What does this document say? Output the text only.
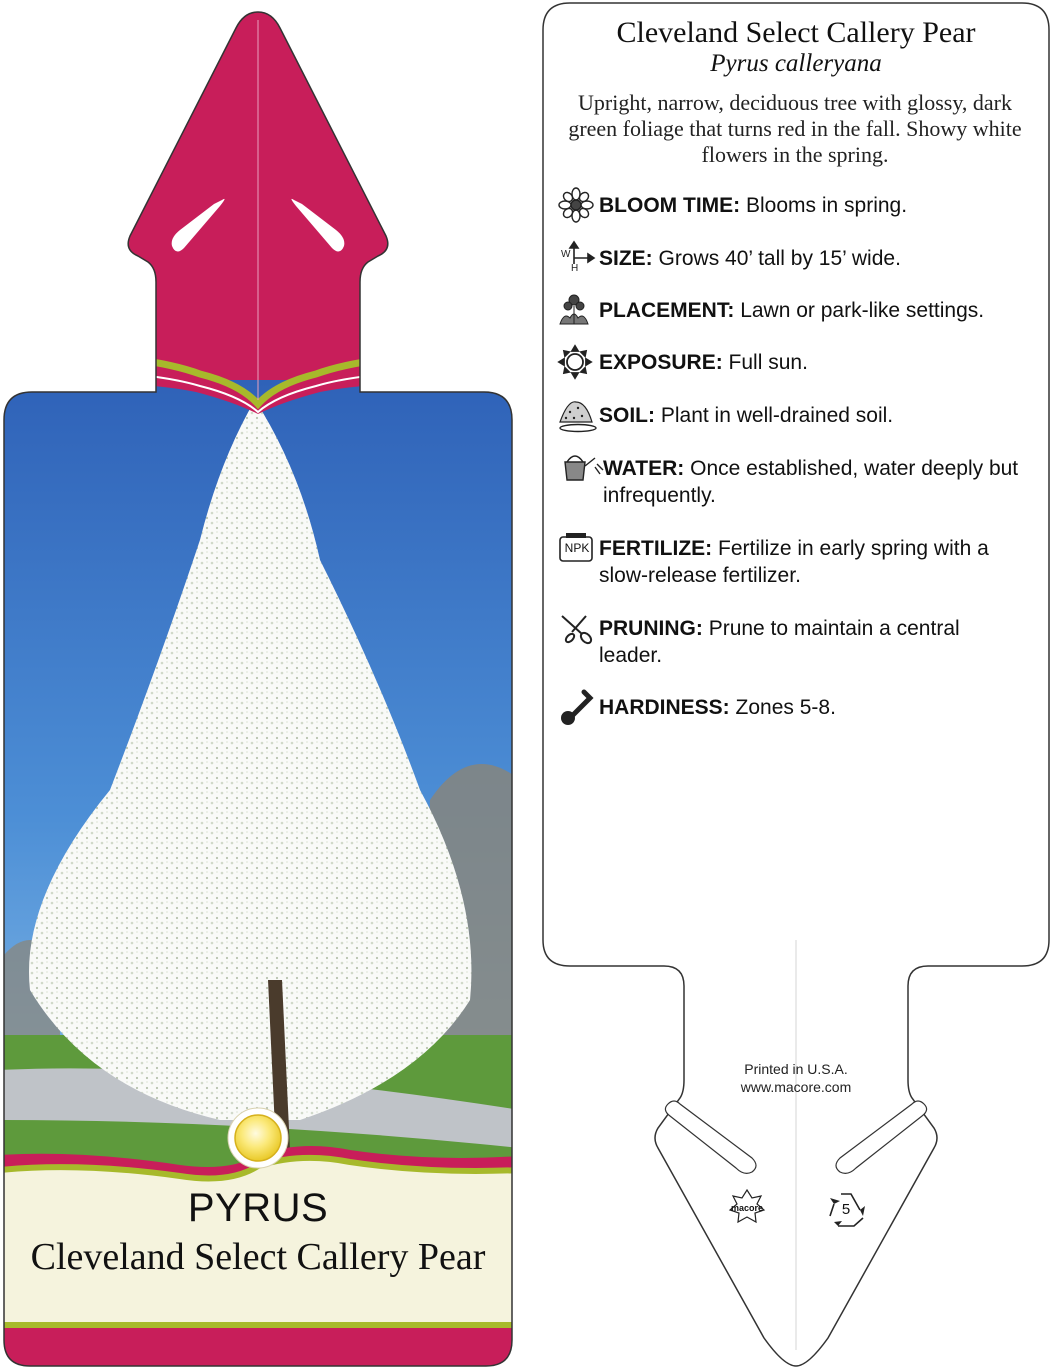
PYRUS
Cleveland Select Callery Pear
Cleveland Select Callery Pear
Pyrus calleryana
Upright, narrow, deciduous tree with glossy, dark green foliage that turns red in the fall. Showy white flowers in the spring.
W
H
NPK
BLOOM TIME: Blooms in spring.
SIZE: Grows 40’ tall by 15’ wide.
PLACEMENT: Lawn or park-like settings.
EXPOSURE: Full sun.
SOIL: Plant in well-drained soil.
WATER: Once established, water deeply but infrequently.
FERTILIZE: Fertilize in early spring with a slow-release fertilizer.
PRUNING: Prune to maintain a central leader.
HARDINESS: Zones 5-8.
Printed in U.S.A.
www.macore.com
macore	5
